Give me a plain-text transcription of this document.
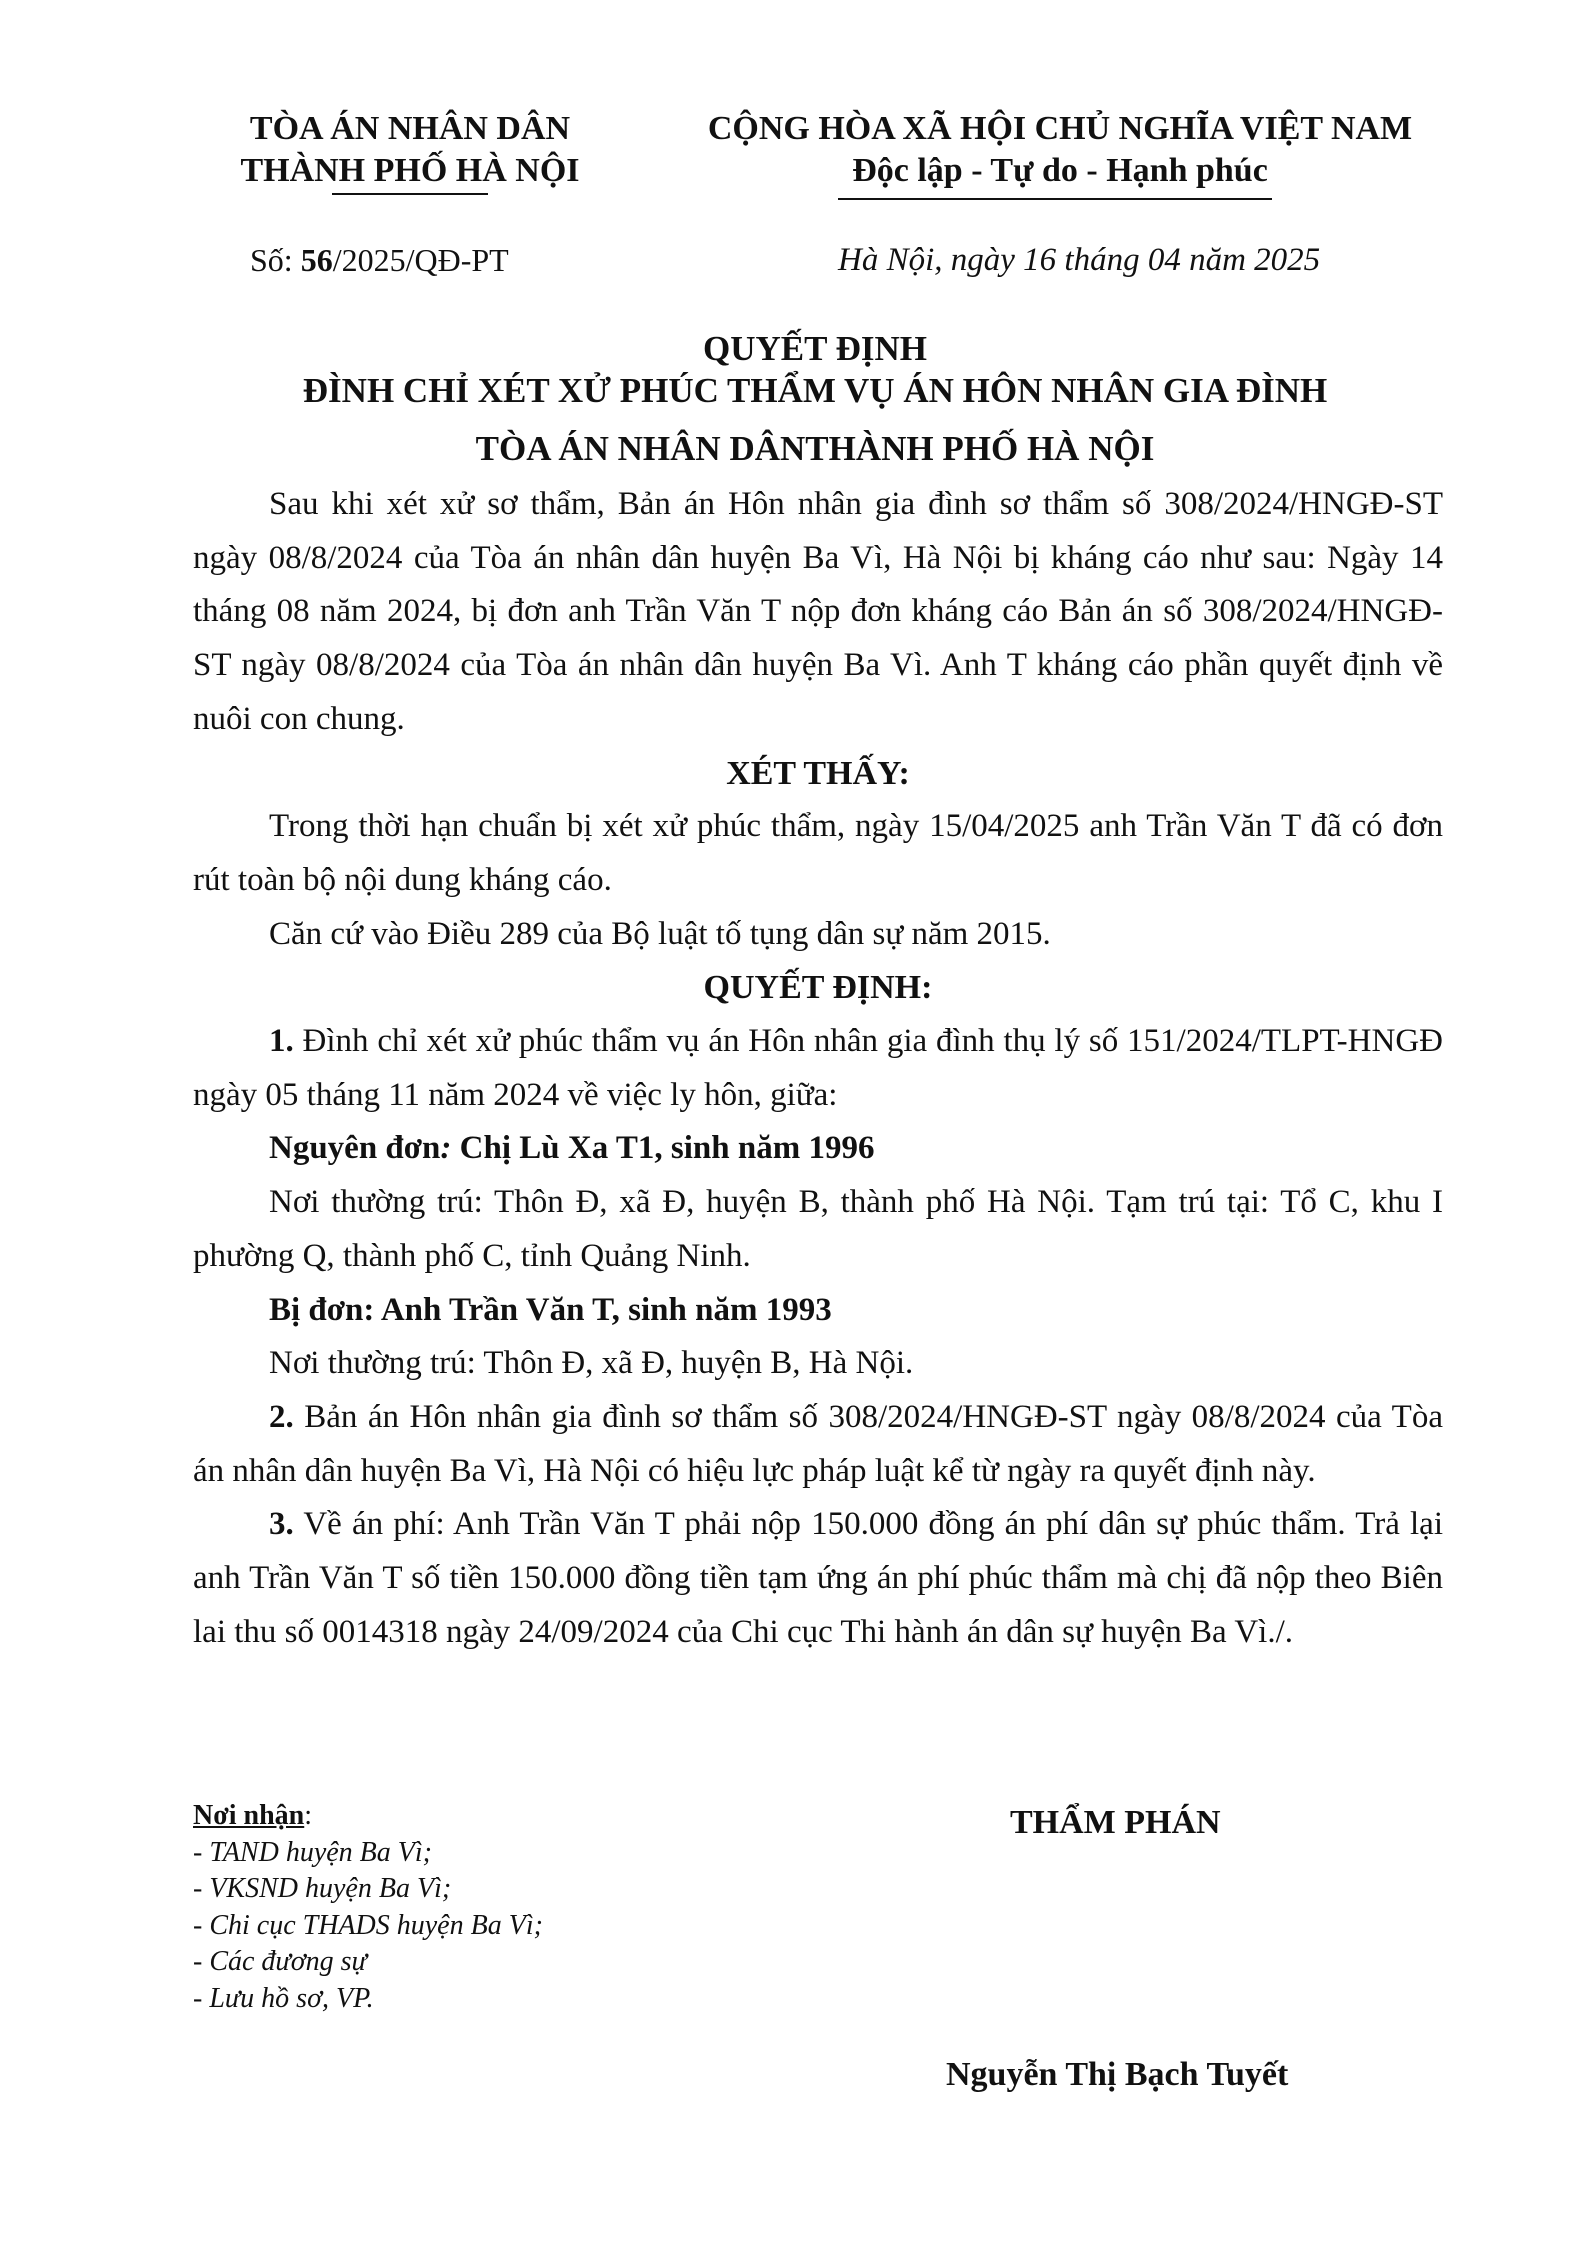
TÒA ÁN NHÂN DÂN
THÀNH PHỐ HÀ NỘI
CỘNG HÒA XÃ HỘI CHỦ NGHĨA VIỆT NAM
Độc lập - Tự do - Hạnh phúc
Số: 56/2025/QĐ-PT	Hà Nội, ngày 16 tháng 04 năm 2025
QUYẾT ĐỊNH
ĐÌNH CHỈ XÉT XỬ PHÚC THẨM VỤ ÁN HÔN NHÂN GIA ĐÌNH
TÒA ÁN NHÂN DÂNTHÀNH PHỐ HÀ NỘI

Sau khi xét xử sơ thẩm, Bản án Hôn nhân gia đình sơ thẩm số 308/2024/HNGĐ-ST ngày 08/8/2024 của Tòa án nhân dân huyện Ba Vì, Hà Nội bị kháng cáo như sau: Ngày 14 tháng 08 năm 2024, bị đơn anh Trần Văn T nộp đơn kháng cáo Bản án số 308/2024/HNGĐ-ST ngày 08/8/2024 của Tòa án nhân dân huyện Ba Vì. Anh T kháng cáo phần quyết định về nuôi con chung.

XÉT THẤY:

Trong thời hạn chuẩn bị xét xử phúc thẩm, ngày 15/04/2025 anh Trần Văn T đã có đơn rút toàn bộ nội dung kháng cáo.

Căn cứ vào Điều 289 của Bộ luật tố tụng dân sự năm 2015.

QUYẾT ĐỊNH:

1. Đình chỉ xét xử phúc thẩm vụ án Hôn nhân gia đình thụ lý số 151/2024/TLPT-HNGĐ ngày 05 tháng 11 năm 2024 về việc ly hôn, giữa:

Nguyên đơn: Chị Lù Xa T1, sinh năm 1996

Nơi thường trú: Thôn Đ, xã Đ, huyện B, thành phố Hà Nội. Tạm trú tại: Tổ C, khu I phường Q, thành phố C, tỉnh Quảng Ninh.

Bị đơn: Anh Trần Văn T, sinh năm 1993

Nơi thường trú: Thôn Đ, xã Đ, huyện B, Hà Nội.

2. Bản án Hôn nhân gia đình sơ thẩm số 308/2024/HNGĐ-ST ngày 08/8/2024 của Tòa án nhân dân huyện Ba Vì, Hà Nội có hiệu lực pháp luật kể từ ngày ra quyết định này.

3. Về án phí: Anh Trần Văn T phải nộp 150.000 đồng án phí dân sự phúc thẩm. Trả lại anh Trần Văn T số tiền 150.000 đồng tiền tạm ứng án phí phúc thẩm mà chị đã nộp theo Biên lai thu số 0014318 ngày 24/09/2024 của Chi cục Thi hành án dân sự huyện Ba Vì./.

Nơi nhận:
- TAND huyện Ba Vì;
- VKSND huyện Ba Vì;
- Chi cục THADS huyện Ba Vì;
- Các đương sự
- Lưu hồ sơ, VP.
THẨM PHÁN
Nguyễn Thị Bạch Tuyết
